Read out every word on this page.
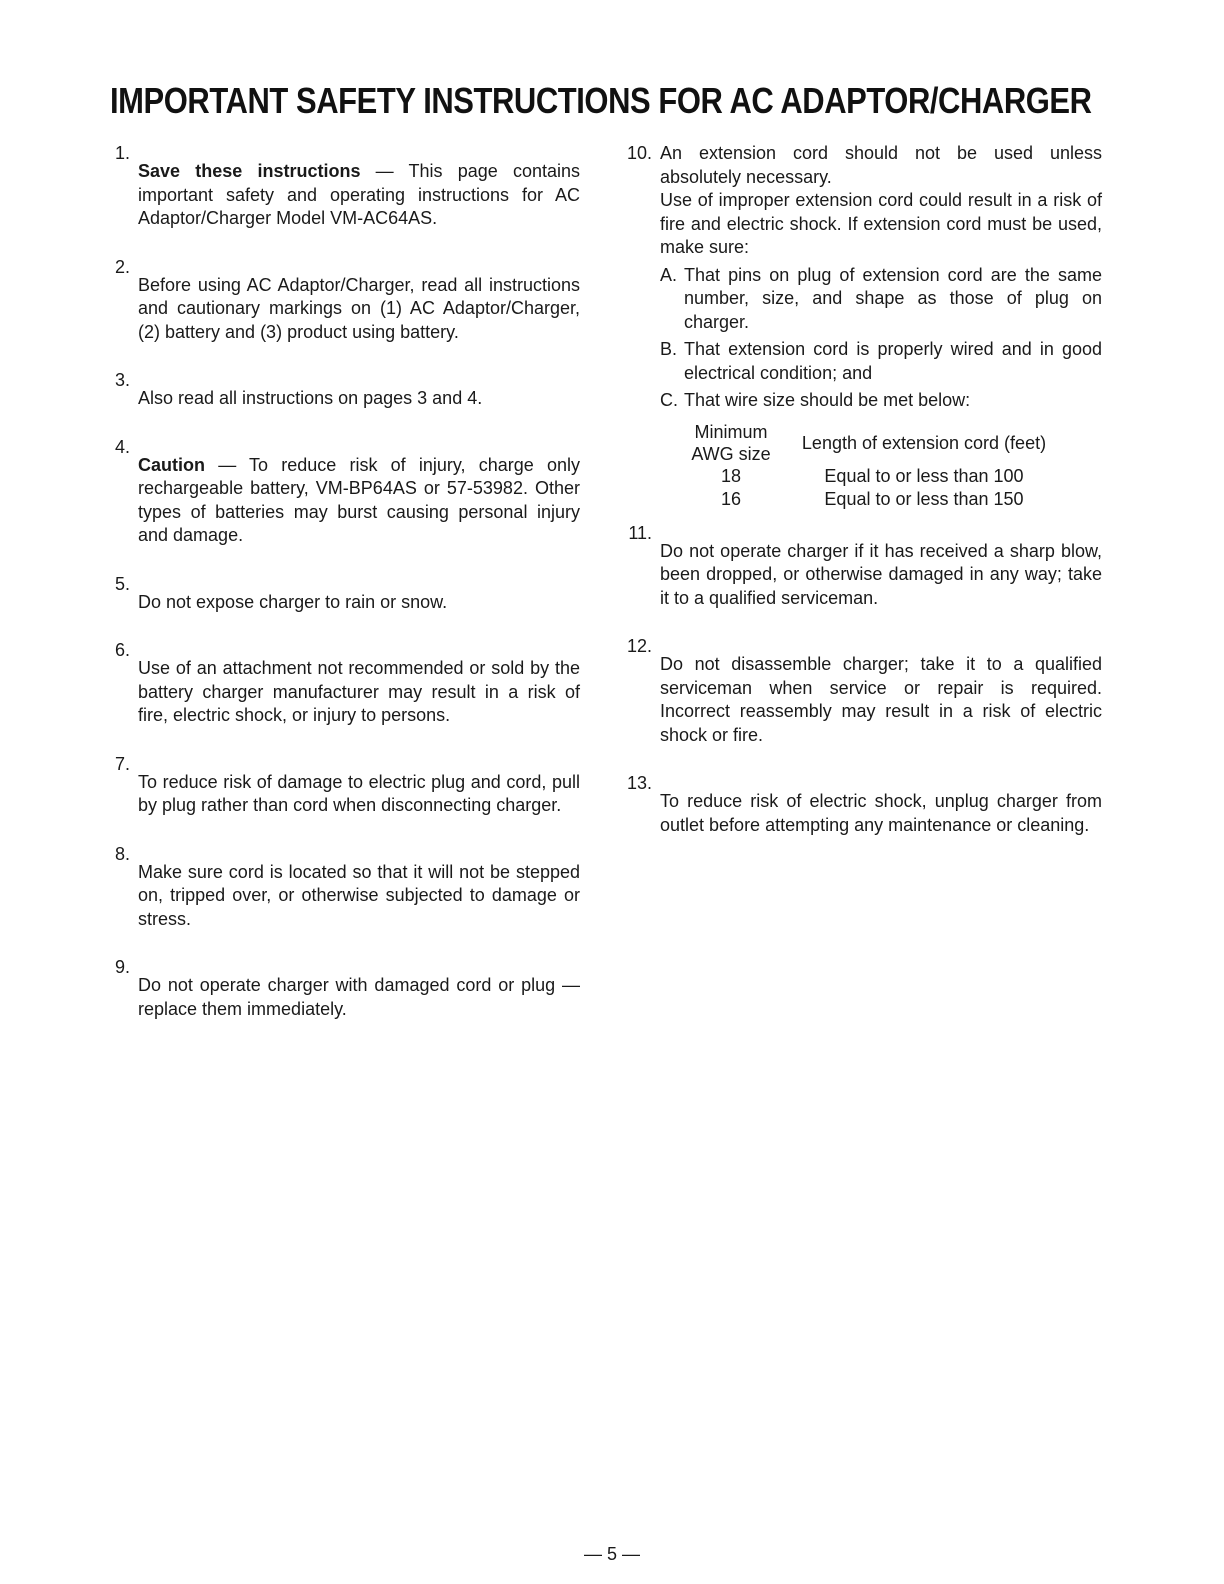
IMPORTANT SAFETY INSTRUCTIONS FOR AC ADAPTOR/CHARGER
1.

Save these instructions — This page contains important safety and operating instructions for AC Adaptor/Charger Model VM-AC64AS.

2.

Before using AC Adaptor/Charger, read all instructions and cautionary markings on (1) AC Adaptor/Charger, (2) battery and (3) product using battery.

3.

Also read all instructions on pages 3 and 4.

4.

Caution — To reduce risk of injury, charge only rechargeable battery, VM-BP64AS or 57-53982. Other types of batteries may burst causing personal injury and damage.

5.

Do not expose charger to rain or snow.

6.

Use of an attachment not recommended or sold by the battery charger manufacturer may result in a risk of fire, electric shock, or injury to persons.

7.

To reduce risk of damage to electric plug and cord, pull by plug rather than cord when disconnecting charger.

8.

Make sure cord is located so that it will not be stepped on, tripped over, or otherwise subjected to damage or stress.

9.

Do not operate charger with damaged cord or plug — replace them immediately.

10. An extension cord should not be used unless absolutely necessary.

Use of improper extension cord could result in a risk of fire and electric shock. If extension cord must be used, make sure:

A. That pins on plug of extension cord are the same number, size, and shape as those of plug on charger.
B. That extension cord is properly wired and in good electrical condition; and
C. That wire size should be met below:
Minimum
AWG size	Length of extension cord (feet)
18	Equal to or less than 100
16	Equal to or less than 150
11.

Do not operate charger if it has received a sharp blow, been dropped, or otherwise damaged in any way; take it to a qualified serviceman.

12.

Do not disassemble charger; take it to a qualified serviceman when service or repair is required. Incorrect reassembly may result in a risk of electric shock or fire.

13.

To reduce risk of electric shock, unplug charger from outlet before attempting any maintenance or cleaning.

— 5 —
